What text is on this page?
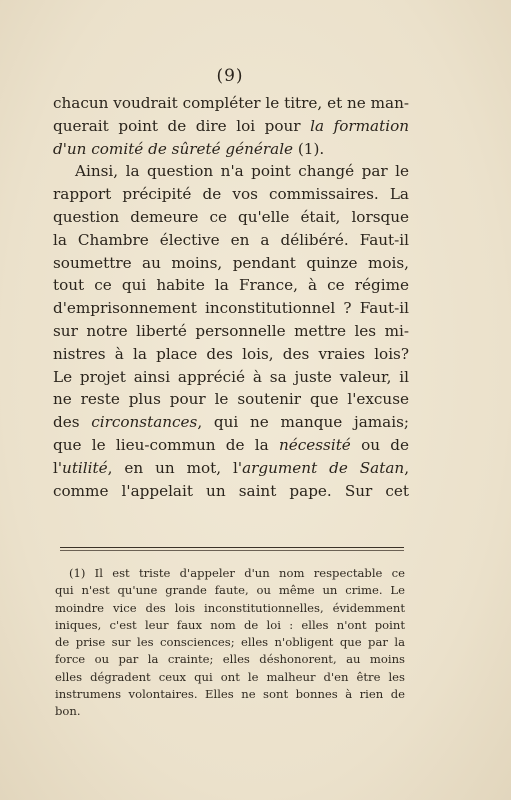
(9)
chacun voudrait compléter le titre, et ne man-
querait point de dire loi pour la formation
d'un comité de sûreté générale (1).
Ainsi, la question n'a point changé par le
rapport précipité de vos commissaires. La
question demeure ce qu'elle était, lorsque
la Chambre élective en a délibéré. Faut-il
soumettre au moins, pendant quinze mois,
tout ce qui habite la France, à ce régime
d'emprisonnement inconstitutionnel ? Faut-il
sur notre liberté personnelle mettre les mi-
nistres à la place des lois, des vraies lois?
Le projet ainsi apprécié à sa juste valeur, il
ne reste plus pour le soutenir que l'excuse
des circonstances, qui ne manque jamais;
que le lieu-commun de la nécessité ou de
l'utilité, en un mot, l'argument de Satan,
comme l'appelait un saint pape. Sur cet
(1) Il est triste d'appeler d'un nom respectable ce
qui n'est qu'une grande faute, ou même un crime. Le
moindre vice des lois inconstitutionnelles, évidemment
iniques, c'est leur faux nom de loi : elles n'ont point
de prise sur les consciences; elles n'obligent que par la
force ou par la crainte; elles déshonorent, au moins
elles dégradent ceux qui ont le malheur d'en être les
instrumens volontaires. Elles ne sont bonnes à rien de
bon.
